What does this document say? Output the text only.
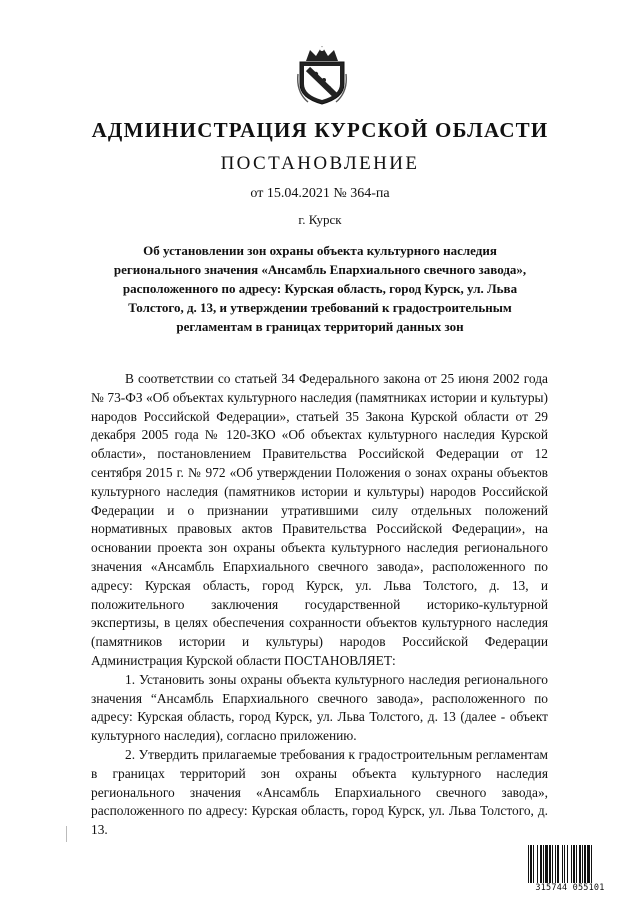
АДМИНИСТРАЦИЯ КУРСКОЙ ОБЛАСТИ
ПОСТАНОВЛЕНИЕ
от 15.04.2021 № 364-па
г. Курск
Об установлении зон охраны объекта культурного наследия
регионального значения «Ансамбль Епархиального свечного завода»,
расположенного по адресу: Курская область, город Курск, ул. Льва
Толстого, д. 13, и утверждении требований к градостроительным
регламентам в границах территорий данных зон

В соответствии со статьей 34 Федерального закона от 25 июня 2002 года № 73-ФЗ «Об объектах культурного наследия (памятниках истории и культуры) народов Российской Федерации», статьей 35 Закона Курской области от 29 декабря 2005 года № 120-ЗКО «Об объектах культурного наследия Курской области», постановлением Правительства Российской Федерации от 12 сентября 2015 г. № 972 «Об утверждении Положения о зонах охраны объектов культурного наследия (памятников истории и культуры) народов Российской Федерации и о признании утратившими силу отдельных положений нормативных правовых актов Правительства Российской Федерации», на основании проекта зон охраны объекта культурного наследия регионального значения «Ансамбль Епархиального свечного завода», расположенного по адресу: Курская область, город Курск, ул. Льва Толстого, д. 13, и положительного заключения государственной историко-культурной экспертизы, в целях обеспечения сохранности объектов культурного наследия (памятников истории и культуры) народов Российской Федерации Администрация Курской области ПОСТАНОВЛЯЕТ:

1. Установить зоны охраны объекта культурного наследия регионального значения “Ансамбль Епархиального свечного завода», расположенного по адресу: Курская область, город Курск, ул. Льва Толстого, д. 13 (далее - объект культурного наследия), согласно приложению.

2. Утвердить прилагаемые требования к градостроительным регламентам в границах территорий зон охраны объекта культурного наследия регионального значения «Ансамбль Епархиального свечного завода», расположенного по адресу: Курская область, город Курск, ул. Льва Толстого, д. 13.

315744 055101
